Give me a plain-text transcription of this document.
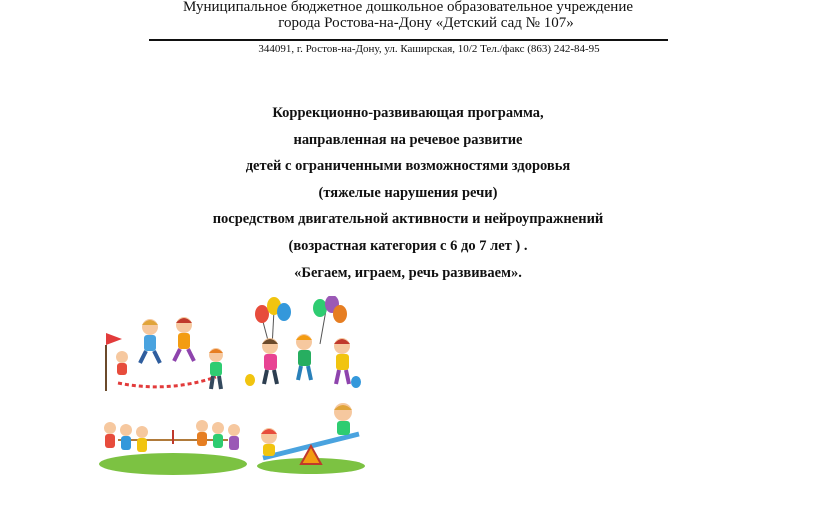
Муниципальное бюджетное дошкольное образовательное учреждение
города Ростова-на-Дону «Детский сад № 107»
344091, г. Ростов-на-Дону, ул. Каширская, 10/2 Тел./факс (863) 242-84-95
Коррекционно-развивающая программа,
направленная на речевое развитие
детей с ограниченными возможностями здоровья
(тяжелые нарушения речи)
посредством двигательной активности и нейроупражнений
(возрастная категория с 6 до 7 лет ) .
«Бегаем, играем, речь развиваем».
